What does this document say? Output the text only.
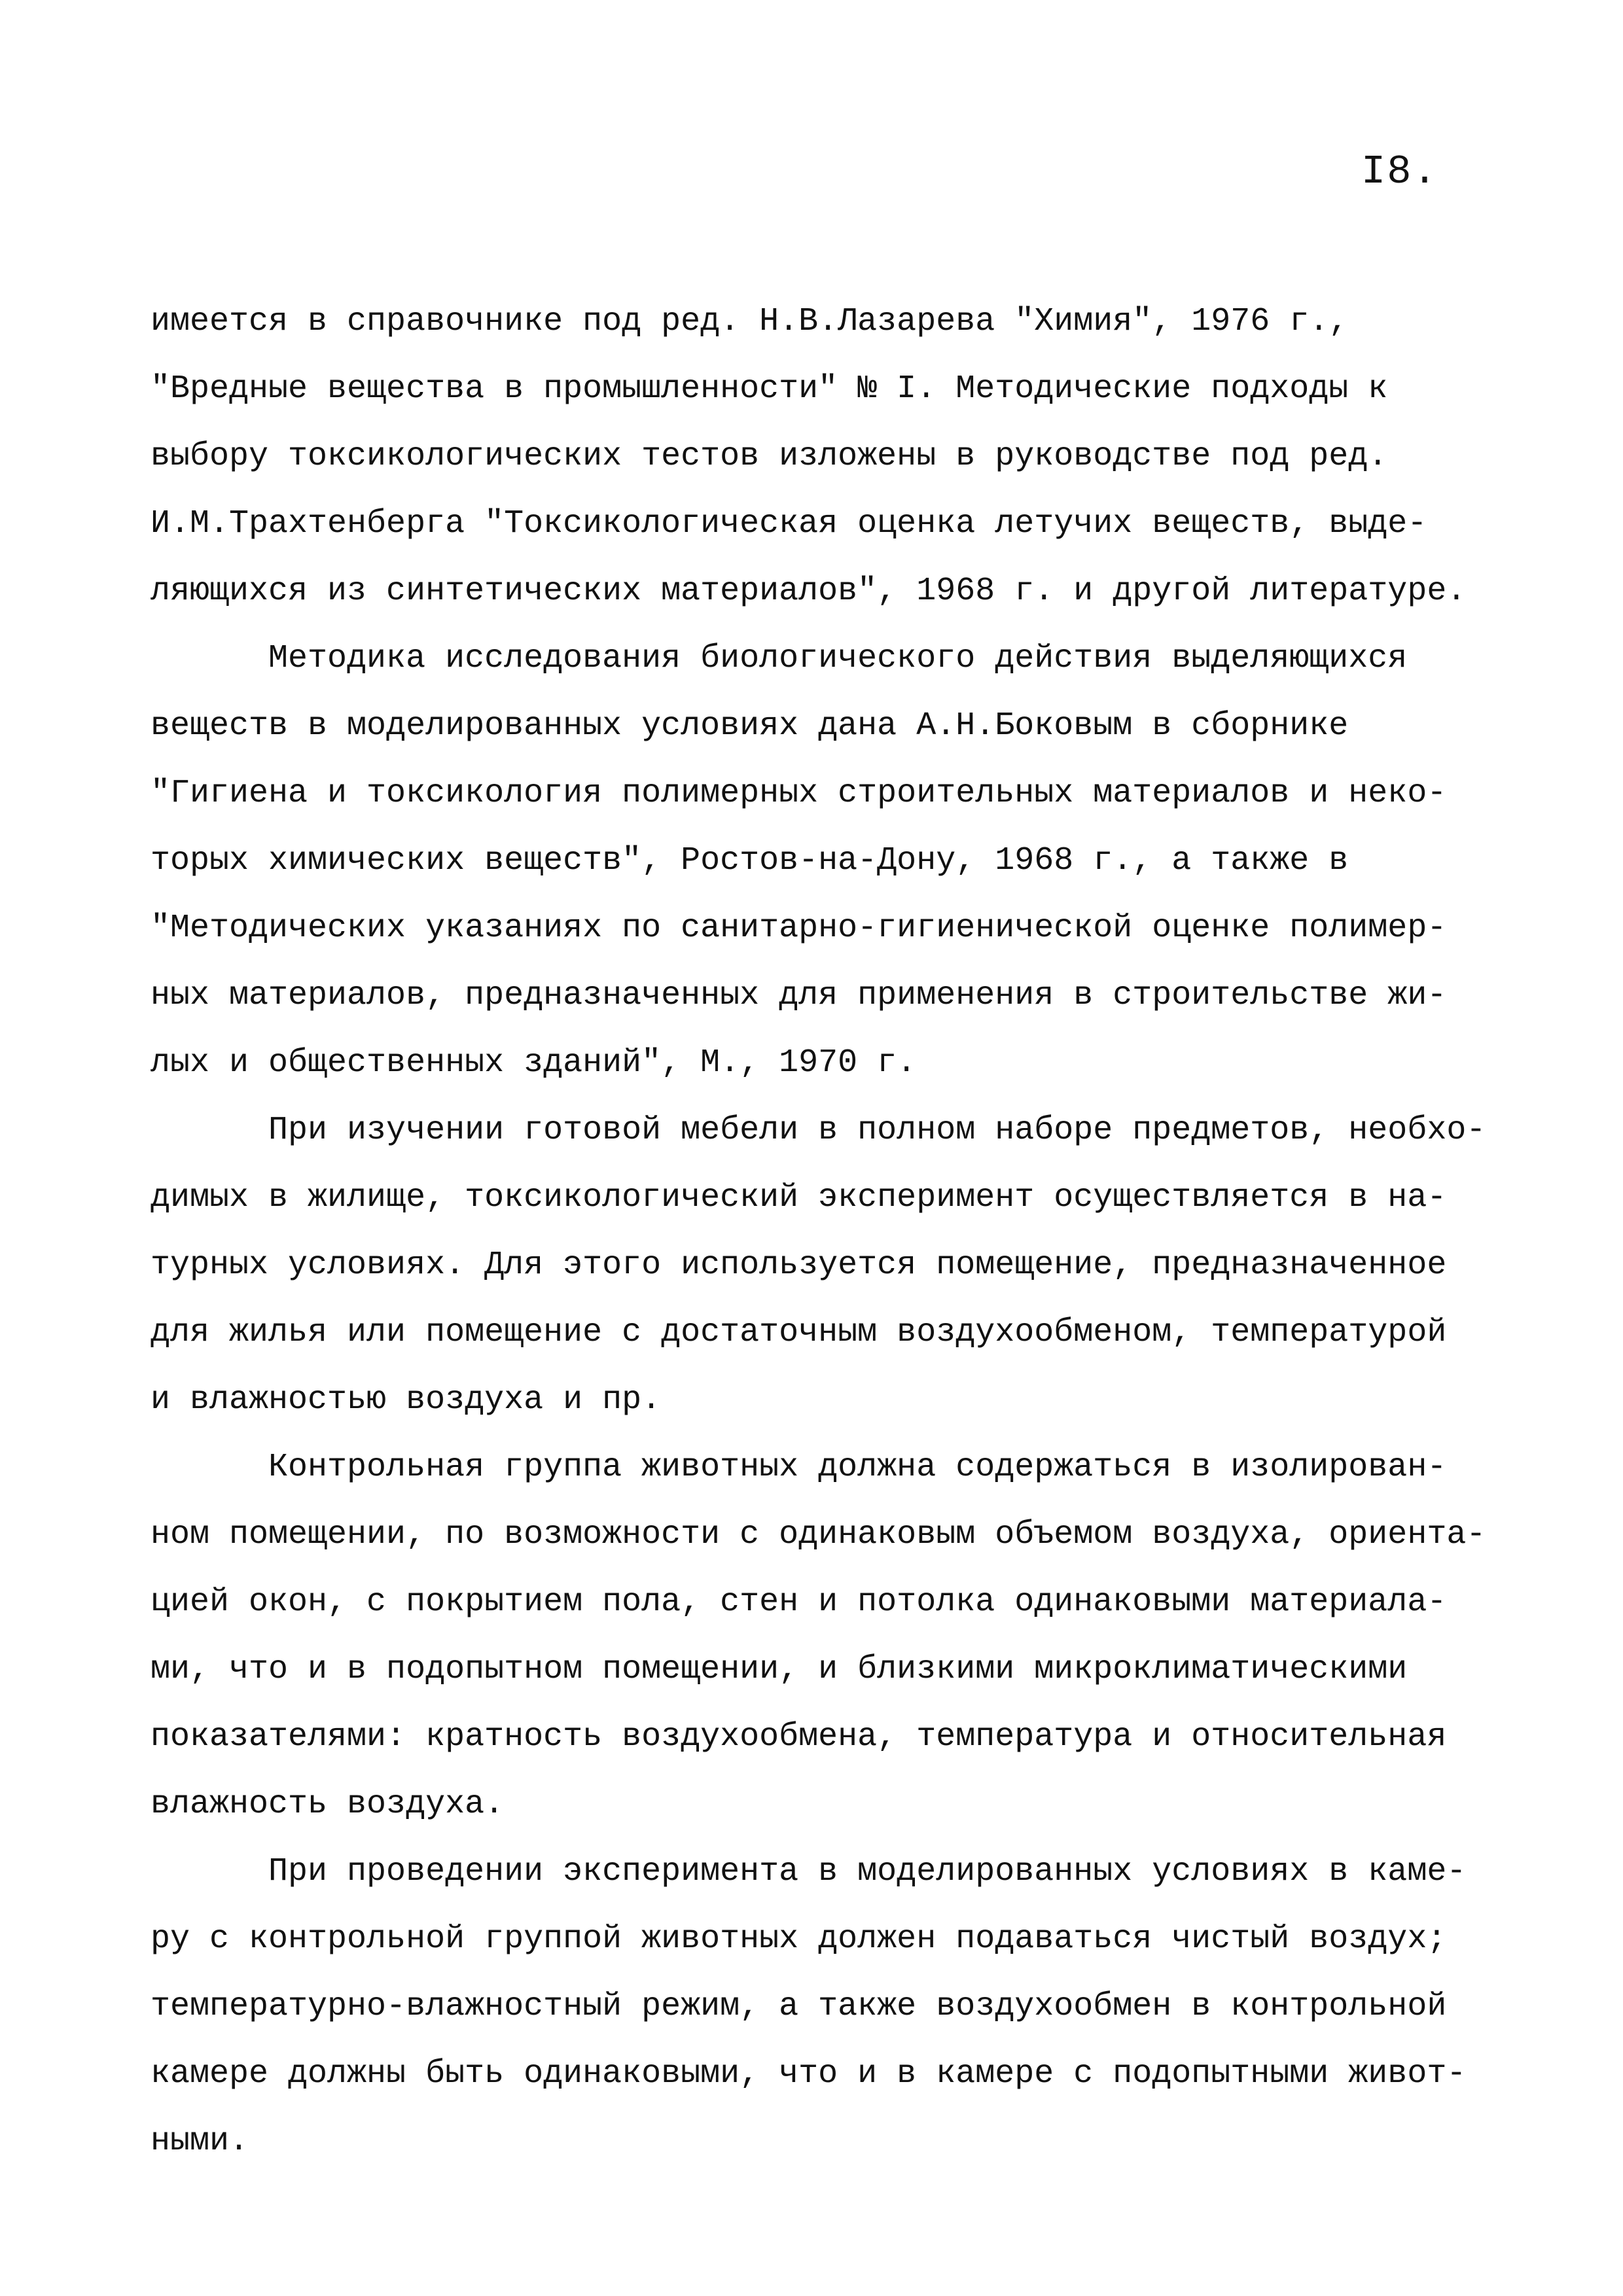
I8.
имеется в справочнике под ред. Н.В.Лазарева "Химия", 1976 г.,
"Вредные вещества в промышленности" № I. Методические подходы к
выбору токсикологических тестов изложены в руководстве под ред.
И.М.Трахтенберга "Токсикологическая оценка летучих веществ, выде-
ляющихся из синтетических материалов", 1968 г. и другой литературе.
Методика исследования биологического действия выделяющихся
веществ в моделированных условиях дана А.Н.Боковым в сборнике
"Гигиена и токсикология полимерных строительных материалов и неко-
торых химических веществ", Ростов-на-Дону, 1968 г., а также в
"Методических указаниях по санитарно-гигиенической оценке полимер-
ных материалов, предназначенных для применения в строительстве жи-
лых и общественных зданий", М., 1970 г.
При изучении готовой мебели в полном наборе предметов, необхо-
димых в жилище, токсикологический эксперимент осуществляется в на-
турных условиях. Для этого используется помещение, предназначенное
для жилья или помещение с достаточным воздухообменом, температурой
и влажностью воздуха и пр.
Контрольная группа животных должна содержаться в изолирован-
ном помещении, по возможности с одинаковым объемом воздуха, ориента-
цией окон, с покрытием пола, стен и потолка одинаковыми материала-
ми, что и в подопытном помещении, и близкими микроклиматическими
показателями: кратность воздухообмена, температура и относительная
влажность воздуха.
При проведении эксперимента в моделированных условиях в каме-
ру с контрольной группой животных должен подаваться чистый воздух;
температурно-влажностный режим, а также воздухообмен в контрольной
камере должны быть одинаковыми, что и в камере с подопытными живот-
ными.
